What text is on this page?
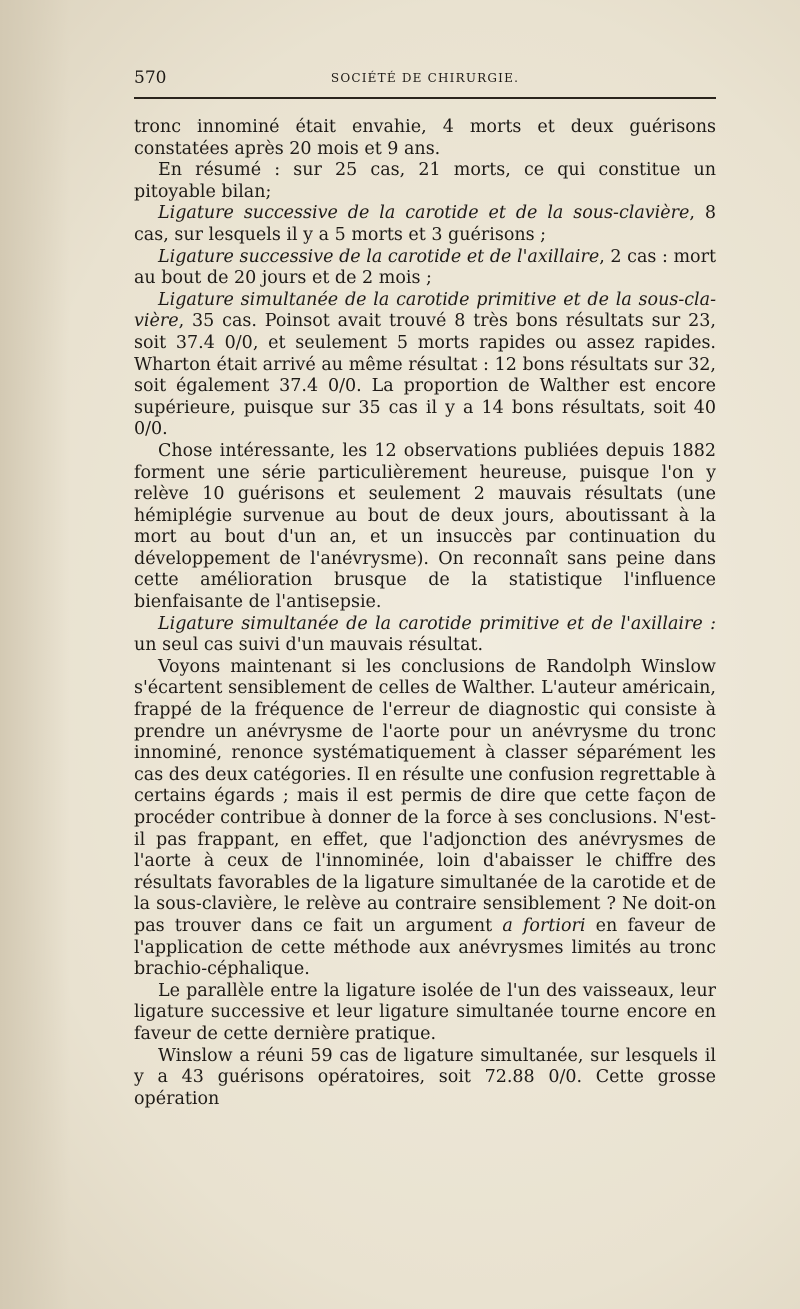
570	SOCIÉTÉ DE CHIRURGIE.

tronc innominé était envahie, 4 morts et deux guérisons constatées après 20 mois et 9 ans.

En résumé : sur 25 cas, 21 morts, ce qui constitue un pitoyable bilan;

Ligature successive de la carotide et de la sous-clavière, 8 cas, sur lesquels il y a 5 morts et 3 guérisons ;

Ligature successive de la carotide et de l'axillaire, 2 cas : mort au bout de 20 jours et de 2 mois ;

Ligature simultanée de la carotide primitive et de la sous-clavière, 35 cas. Poinsot avait trouvé 8 très bons résultats sur 23, soit 37.4 0/0, et seulement 5 morts rapides ou assez rapides. Wharton était arrivé au même résultat : 12 bons résultats sur 32, soit également 37.4 0/0. La proportion de Walther est encore supérieure, puisque sur 35 cas il y a 14 bons résultats, soit 40 0/0.

Chose intéressante, les 12 observations publiées depuis 1882 forment une série particulièrement heureuse, puisque l'on y relève 10 guérisons et seulement 2 mauvais résultats (une hémiplégie survenue au bout de deux jours, aboutissant à la mort au bout d'un an, et un insuccès par continuation du développement de l'anévrysme). On reconnaît sans peine dans cette amélioration brusque de la statistique l'influence bienfaisante de l'antisepsie.

Ligature simultanée de la carotide primitive et de l'axillaire : un seul cas suivi d'un mauvais résultat.

Voyons maintenant si les conclusions de Randolph Winslow s'écartent sensiblement de celles de Walther. L'auteur américain, frappé de la fréquence de l'erreur de diagnostic qui consiste à prendre un anévrysme de l'aorte pour un anévrysme du tronc innominé, renonce systématiquement à classer séparément les cas des deux catégories. Il en résulte une confusion regrettable à certains égards ; mais il est permis de dire que cette façon de procéder contribue à donner de la force à ses conclusions. N'est-il pas frappant, en effet, que l'adjonction des anévrysmes de l'aorte à ceux de l'innominée, loin d'abaisser le chiffre des résultats favorables de la ligature simultanée de la carotide et de la sous-clavière, le relève au contraire sensiblement ? Ne doit-on pas trouver dans ce fait un argument a fortiori en faveur de l'application de cette méthode aux anévrysmes limités au tronc brachio-céphalique.

Le parallèle entre la ligature isolée de l'un des vaisseaux, leur ligature successive et leur ligature simultanée tourne encore en faveur de cette dernière pratique.

Winslow a réuni 59 cas de ligature simultanée, sur lesquels il y a 43 guérisons opératoires, soit 72.88 0/0. Cette grosse opération
